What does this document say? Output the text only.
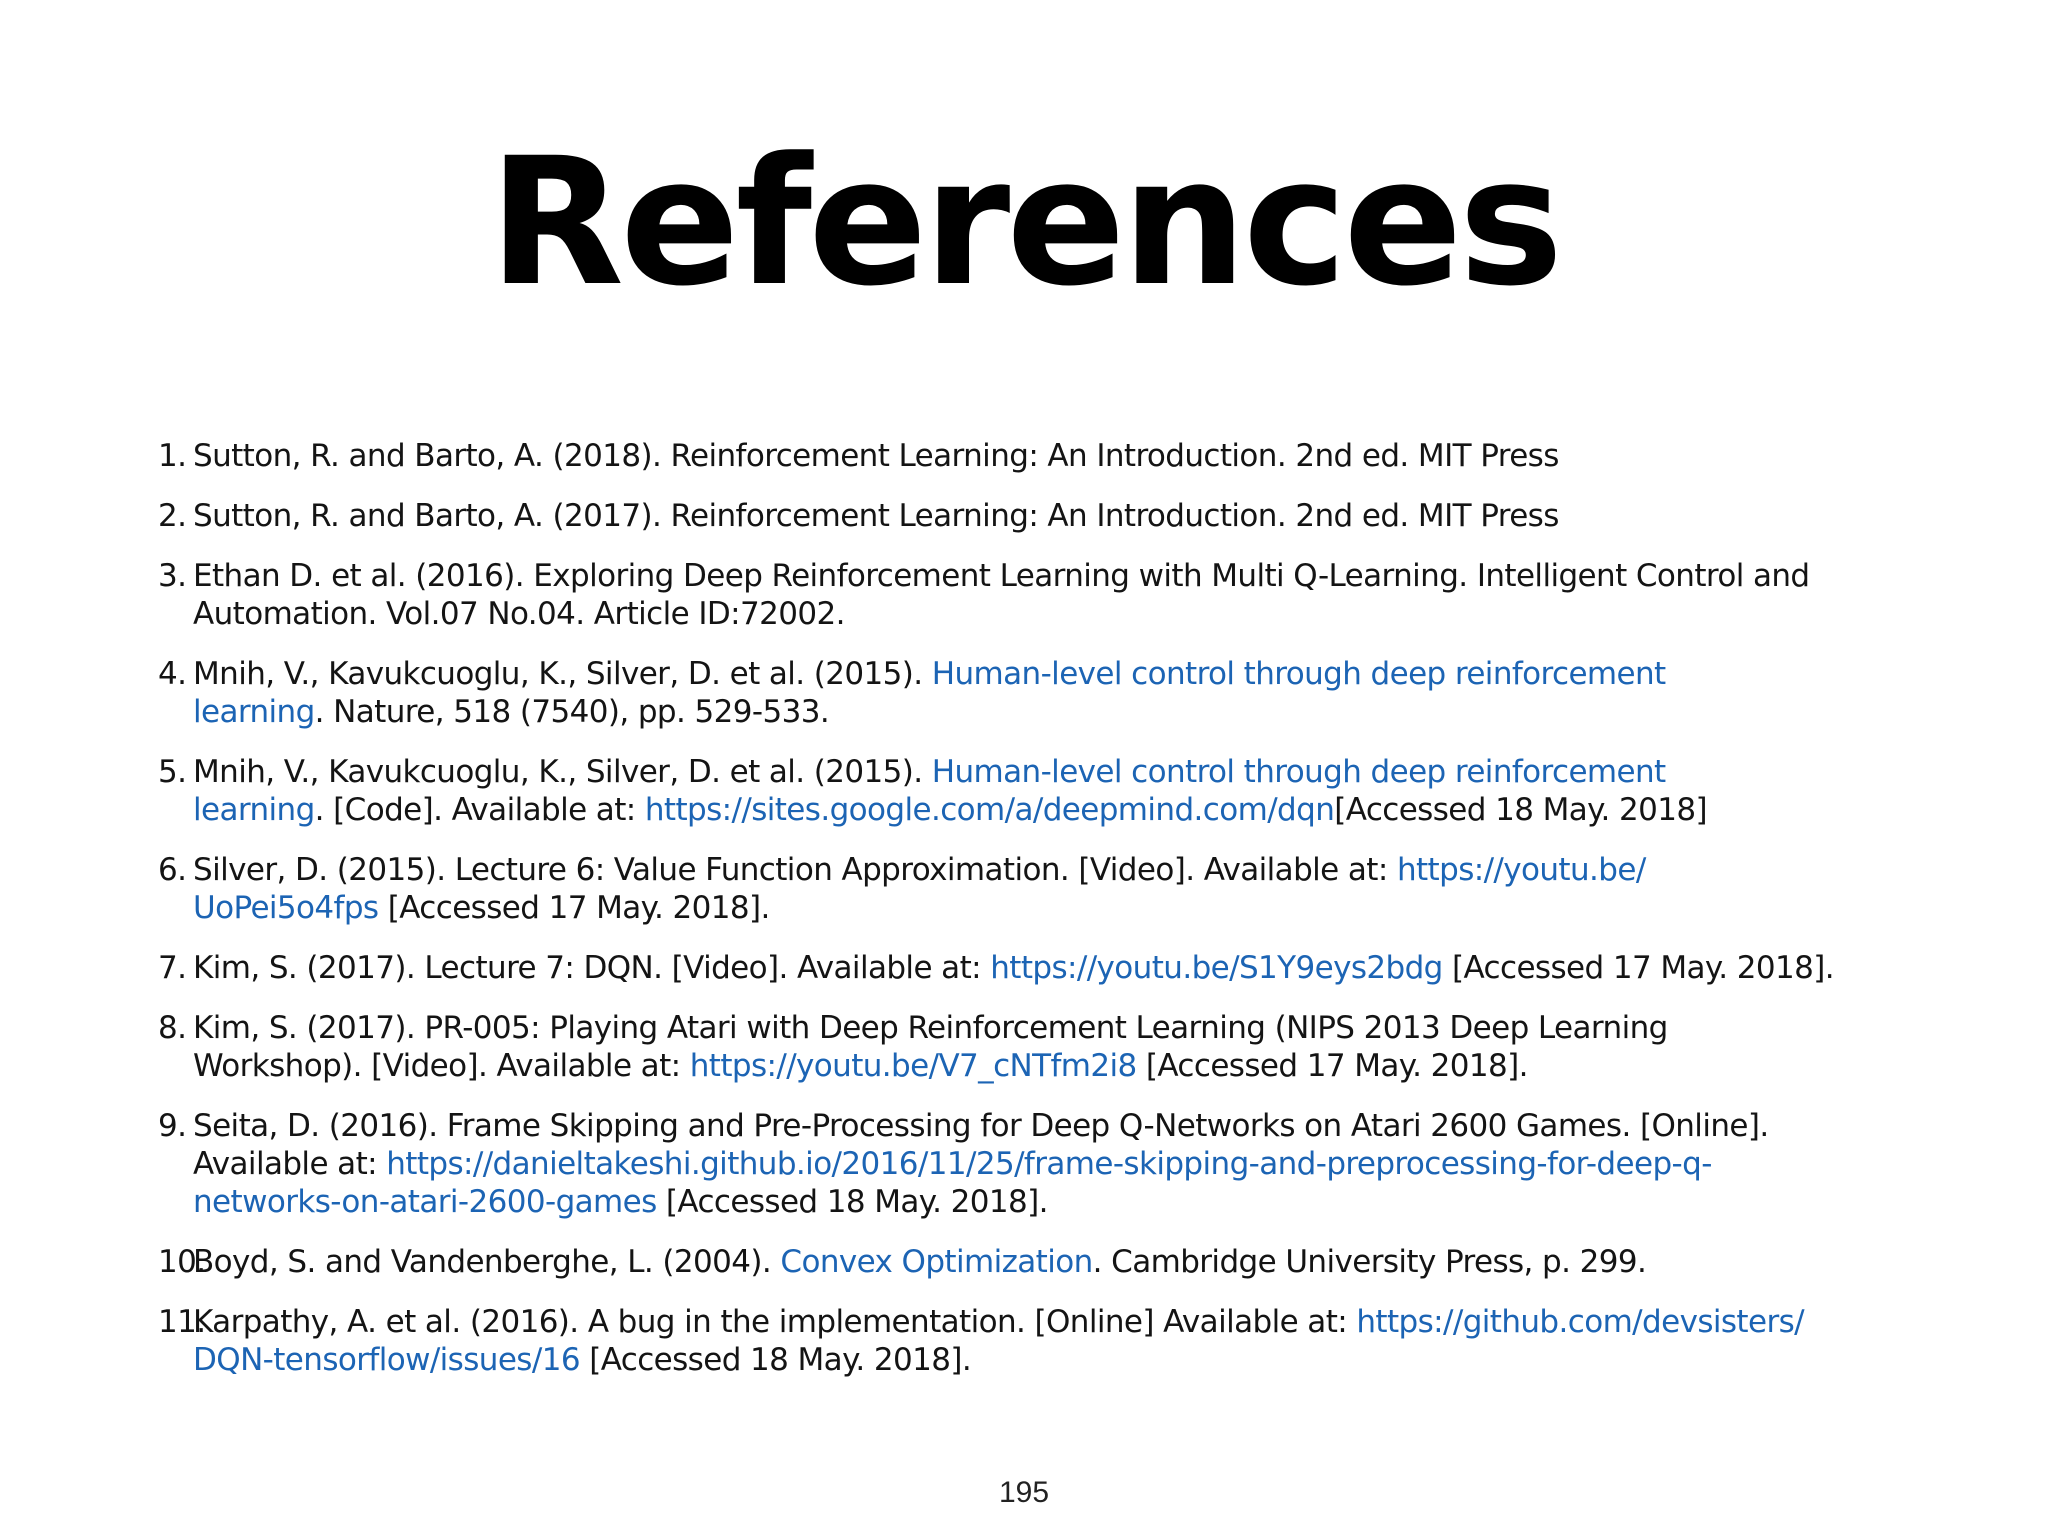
References
1. Sutton, R. and Barto, A. (2018). Reinforcement Learning: An Introduction. 2nd ed. MIT Press
2. Sutton, R. and Barto, A. (2017). Reinforcement Learning: An Introduction. 2nd ed. MIT Press
3. Ethan D. et al. (2016). Exploring Deep Reinforcement Learning with Multi Q-Learning. Intelligent Control and
Automation. Vol.07 No.04. Article ID:72002.
4. Mnih, V., Kavukcuoglu, K., Silver, D. et al. (2015). Human-level control through deep reinforcement
learning. Nature, 518 (7540), pp. 529-533.
5. Mnih, V., Kavukcuoglu, K., Silver, D. et al. (2015). Human-level control through deep reinforcement
learning. [Code]. Available at: https://sites.google.com/a/deepmind.com/dqn[Accessed 18 May. 2018]
6. Silver, D. (2015). Lecture 6: Value Function Approximation. [Video]. Available at: https://youtu.be/
UoPei5o4fps [Accessed 17 May. 2018].
7. Kim, S. (2017). Lecture 7: DQN. [Video]. Available at: https://youtu.be/S1Y9eys2bdg [Accessed 17 May. 2018].
8. Kim, S. (2017). PR-005: Playing Atari with Deep Reinforcement Learning (NIPS 2013 Deep Learning
Workshop). [Video]. Available at: https://youtu.be/V7_cNTfm2i8 [Accessed 17 May. 2018].
9. Seita, D. (2016). Frame Skipping and Pre-Processing for Deep Q-Networks on Atari 2600 Games. [Online].
Available at: https://danieltakeshi.github.io/2016/11/25/frame-skipping-and-preprocessing-for-deep-q-
networks-on-atari-2600-games [Accessed 18 May. 2018].
10.
Boyd, S. and Vandenberghe, L. (2004). Convex Optimization. Cambridge University Press, p. 299.
11.
Karpathy, A. et al. (2016). A bug in the implementation. [Online] Available at: https://github.com/devsisters/
DQN-tensorflow/issues/16 [Accessed 18 May. 2018].
195
